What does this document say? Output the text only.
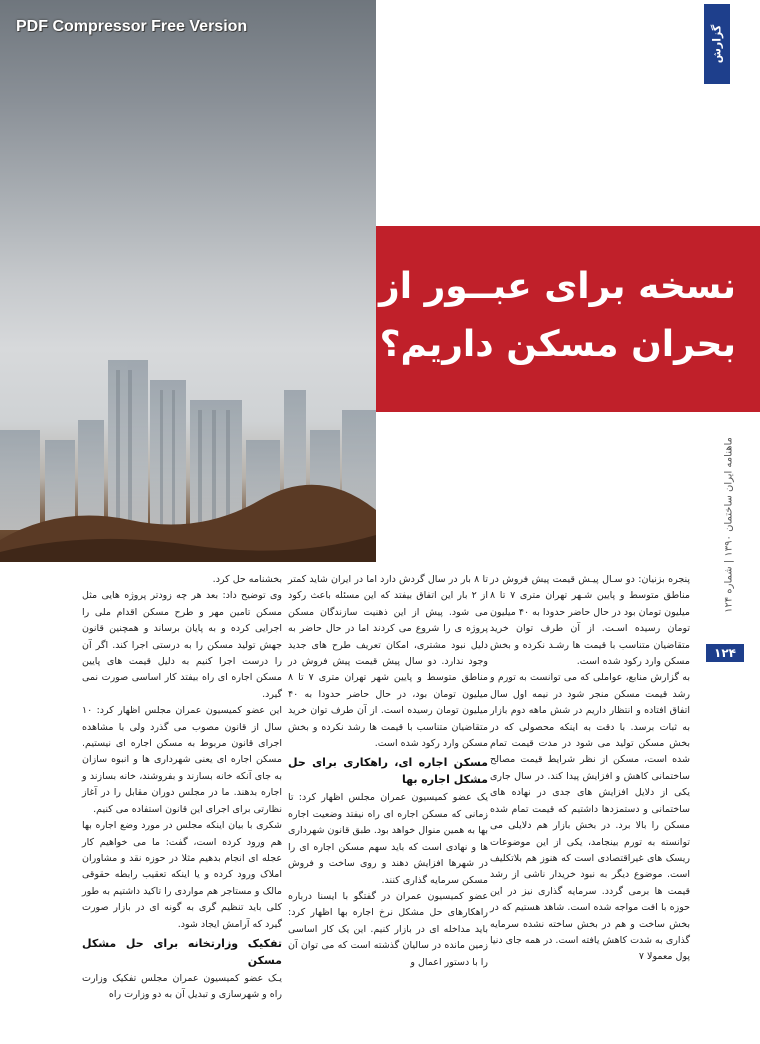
PDF Compressor Free Version	گزارش
نسخه برای عبــور از
بحران مسکن داریم؟
ماهنامه ایران ساختمان ۱۳۹۰ | شماره ۱۲۴
۱۲۴

پنجره بزنیان: دو سـال پیـش قیمت پیش فروش در مناطق متوسط و پایین شـهر تهران متری ۷ تا ۸ میلیون تومان بود در حال حاضر حدودا به ۴۰ میلیون تومان رسیده اسـت. از آن طرف توان خرید متقاضیان متناسب با قیمت ها رشـد نکرده و بخش مسکن وارد رکود شده است.

به گزارش منابع، عواملی که می توانست به تورم و رشد قیمت مسکن منجر شود در نیمه اول سال اتفاق افتاده و انتظار داریم در شش ماهه دوم بازار به ثبات برسد. با دقت به اینکه محصولی که در بخش مسکن تولید می شود در مدت قیمت تمام شده است، مسکن از نظر شرایط قیمت مصالح ساختمانی کاهش و افزایش پیدا کند. در سال جاری یکی از دلایل افزایش های جدی در نهاده های ساختمانی و دستمزدها داشتیم که قیمت تمام شده مسکن را بالا برد. در بخش بازار هم دلایلی می توانسته به تورم بینجامد، یکی از این موضوعات ریسک های غیراقتصادی است که هنوز هم بلاتکلیف است. موضوع دیگر به نبود خریدار ناشی از رشد قیمت ها برمی گردد. سرمایه گذاری نیز در این حوزه با افت مواجه شده است. شاهد هستیم که در بخش ساخت و هم در بخش ساخته نشده سرمایه گذاری به شدت کاهش یافته است. در همه جای دنیا پول معمولا ۷

تا ۸ بار در سال گردش دارد اما در ایران شاید کمتر از ۲ بار این اتفاق بیفتد که این مسئله باعث رکود می شود. پیش از این ذهنیت سازندگان مسکن پروژه ی را شروع می کردند اما در حال حاضر به دلیل نبود مشتری، امکان تعریف طرح های جدید وجود ندارد. دو سال پیش قیمت پیش فروش در مناطق متوسط و پایین شهر تهران متری ۷ تا ۸ میلیون تومان بود، در حال حاضر حدودا به ۴۰ میلیون تومان رسیده است. از آن طرف توان خرید متقاضیان متناسب با قیمت ها رشد نکرده و بخش مسکن وارد رکود شده است.

مسکن اجاره ای، راهکاری برای حل مشکل اجاره بها

یک عضو کمیسیون عمران مجلس اظهار کرد: تا زمانی که مسکن اجاره ای راه نیفتد وضعیت اجاره بها به همین منوال خواهد بود. طبق قانون شهرداری ها و نهادی است که باید سهم مسکن اجاره ای را در شهرها افزایش دهند و روی ساخت و فروش مسکن سرمایه گذاری کنند.

عضو کمیسیون عمران در گفتگو با ایسنا درباره راهکارهای حل مشکل نرخ اجاره بها اظهار کرد: باید مداخله ای در بازار کنیم. این یک کار اساسی زمین مانده در سالیان گذشته است که می توان آن را با دستور اعمال و

بخشنامه حل کرد.

وی توضیح داد: بعد هر چه زودتر پروژه هایی مثل مسکن تامین مهر و طرح مسکن اقدام ملی را اجرایی کرده و به پایان برساند و همچنین قانون جهش تولید مسکن را به درستی اجرا کند. اگر آن را درست اجرا کنیم به دلیل قیمت های پایین مسکن اجاره ای راه بیفتد کار اساسی صورت نمی گیرد.

این عضو کمیسیون عمران مجلس اظهار کرد: ۱۰ سال از قانون مصوب می گذرد ولی با مشاهده اجرای قانون مربوط به مسکن اجاره ای نیستیم. مسکن اجاره ای یعنی شهرداری ها و انبوه سازان به جای آنکه خانه بسازند و بفروشند، خانه بسازند و اجاره بدهند. ما در مجلس دوران مقابل را در آغاز نظارتی برای اجرای این قانون استفاده می کنیم.

شکری با بیان اینکه مجلس در مورد وضع اجاره بها هم ورود کرده است، گفت: ما می خواهیم کار عجله ای انجام بدهیم مثلا در حوزه نقد و مشاوران املاک ورود کرده و یا اینکه تعقیب رابطه حقوقی مالک و مستاجر هم مواردی را تاکید داشتیم به طور کلی باید تنظیم گری به گونه ای در بازار صورت گیرد که آرامش ایجاد شود.

تفکیک وزارتخانه برای حل مشکل مسکن

یـک عضو کمیسیون عمران مجلس تفکیک وزارت راه و شهرسازی و تبدیل آن به دو وزارت راه
